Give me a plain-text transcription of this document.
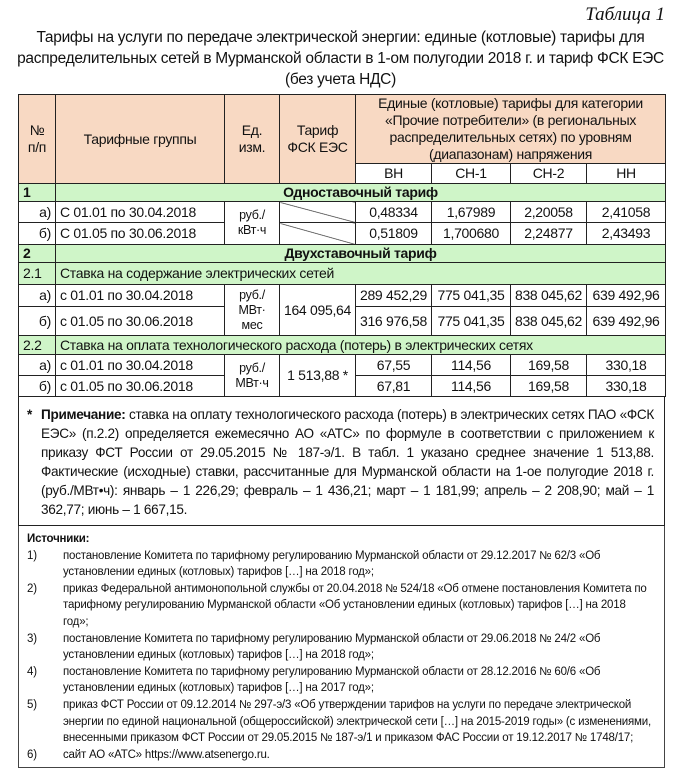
Таблица 1
Тарифы на услуги по передаче электрической энергии: единые (котловые) тарифы для
распределительных сетей в Мурманской области в 1-ом полугодии 2018 г. и тариф ФСК ЕЭС
(без учета НДС)
№ п/п	Тарифные группы	Ед. изм.	Тариф ФСК ЕЭС	Единые (котловые) тарифы для категории «Прочие потребители» (в региональных распределительных сетях) по уровням (диапазонам) напряжения			
				ВН	СН-1	СН-2	НН
1	Одноставочный тариф						
а)	С 01.01 по 30.04.2018	руб./ кВт·ч		0,48334	1,67989	2,20058	2,41058
б)	С 01.05 по 30.06.2018			0,51809	1,700680	2,24877	2,43493
2	Двухставочный тариф						
2.1	Ставка на содержание электрических сетей						
а)	с 01.01 по 30.04.2018	руб./ МВт· мес	164 095,64	289 452,29	775 041,35	838 045,62	639 492,96
б)	с 01.05 по 30.06.2018			316 976,58	775 041,35	838 045,62	639 492,96
2.2	Ставка на оплата технологического расхода (потерь) в электрических сетях						
а)	с 01.01 по 30.04.2018	руб./ МВт·ч	1 513,88 *	67,55	114,56	169,58	330,18
б)	с 01.05 по 30.06.2018			67,81	114,56	169,58	330,18
* Примечание: ставка на оплату технологического расхода (потерь) в электрических сетях ПАО «ФСК ЕЭС» (п.2.2) определяется ежемесячно АО «АТС» по формуле в соответствии с приложением к приказу ФСТ России от 29.05.2015 № 187-э/1. В табл. 1 указано среднее значение 1 513,88. Фактические (исходные) ставки, рассчитанные для Мурманской области на 1-ое полугодие 2018 г. (руб./МВт•ч): январь – 1 226,29; февраль – 1 436,21; март – 1 181,99; апрель – 2 208,90; май – 1 362,77; июнь – 1 667,15.

Источники:
1)	постановление Комитета по тарифному регулированию Мурманской области от 29.12.2017 № 62/3 «Об установлении единых (котловых) тарифов […] на 2018 год»;
2)	приказ Федеральной антимонопольной службы от 20.04.2018 № 524/18 «Об отмене постановления Комитета по тарифному регулированию Мурманской области «Об установлении единых (котловых) тарифов […] на 2018 год»;
3)	постановление Комитета по тарифному регулированию Мурманской области от 29.06.2018 № 24/2 «Об установлении единых (котловых) тарифов […] на 2018 год»;
4)	постановление Комитета по тарифному регулированию Мурманской области от 28.12.2016 № 60/6 «Об установлении единых (котловых) тарифов […] на 2017 год»;
5)	приказ ФСТ России от 09.12.2014 № 297-э/3 «Об утверждении тарифов на услуги по передаче электрической энергии по единой национальной (общероссийской) электрической сети […] на 2015-2019 годы» (с изменениями, внесенными приказом ФСТ России от 29.05.2015 № 187-э/1 и приказом ФАС России от 19.12.2017 № 1748/17;
6)	сайт АО «АТС» https://www.atsenergo.ru.
